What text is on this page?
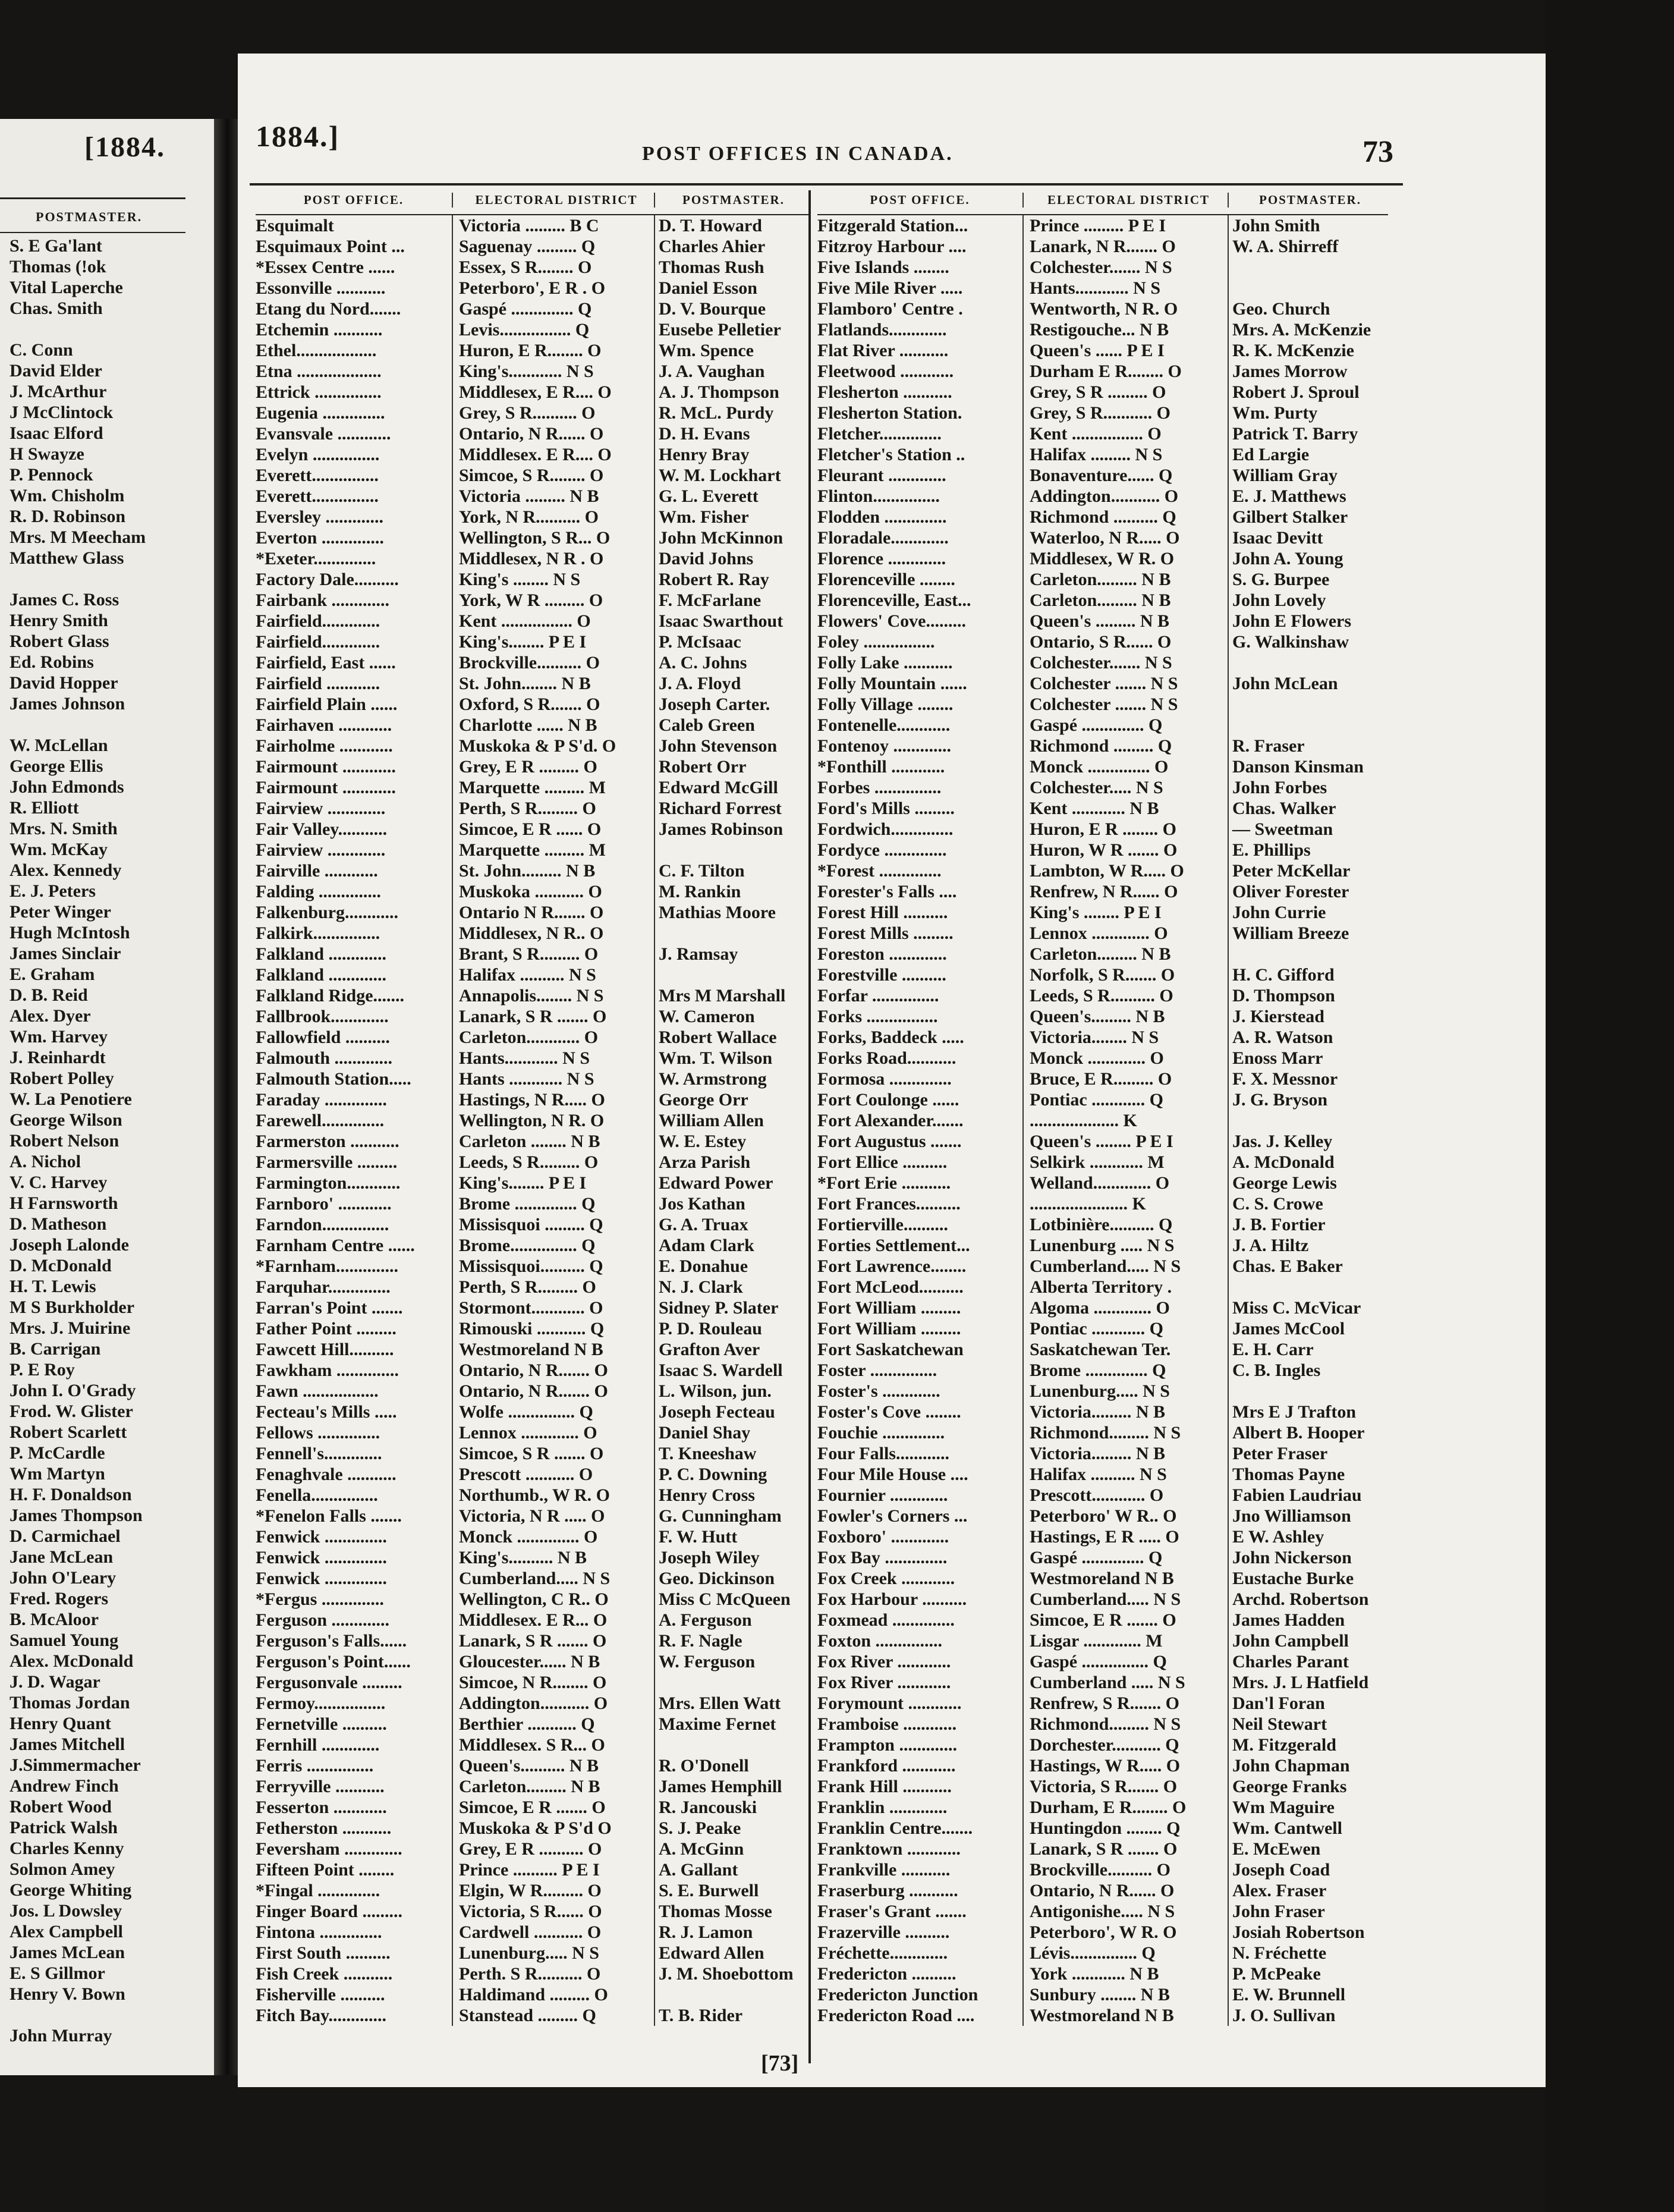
[1884.
POSTMASTER.
S. E Ga'lant
Thomas (!ok
Vital Laperche
Chas. Smith
C. Conn
David Elder
J. McArthur
J McClintock
Isaac Elford
H Swayze
P. Pennock
Wm. Chisholm
R. D. Robinson
Mrs. M Meecham
Matthew Glass
James C. Ross
Henry Smith
Robert Glass
Ed. Robins
David Hopper
James Johnson
W. McLellan
George Ellis
John Edmonds
R. Elliott
Mrs. N. Smith
Wm. McKay
Alex. Kennedy
E. J. Peters
Peter Winger
Hugh McIntosh
James Sinclair
E. Graham
D. B. Reid
Alex. Dyer
Wm. Harvey
J. Reinhardt
Robert Polley
W. La Penotiere
George Wilson
Robert Nelson
A. Nichol
V. C. Harvey
H Farnsworth
D. Matheson
Joseph Lalonde
D. McDonald
H. T. Lewis
M S Burkholder
Mrs. J. Muirine
B. Carrigan
P. E Roy
John I. O'Grady
Frod. W. Glister
Robert Scarlett
P. McCardle
Wm Martyn
H. F. Donaldson
James Thompson
D. Carmichael
Jane McLean
John O'Leary
Fred. Rogers
B. McAloor
Samuel Young
Alex. McDonald
J. D. Wagar
Thomas Jordan
Henry Quant
James Mitchell
J.Simmermacher
Andrew Finch
Robert Wood
Patrick Walsh
Charles Kenny
Solmon Amey
George Whiting
Jos. L Dowsley
Alex Campbell
James McLean
E. S Gillmor
Henry V. Bown
John Murray
1884.]
POST OFFICES IN CANADA.	73
POST OFFICE.	ELECTORAL DISTRICT	POSTMASTER.
Esquimalt	Victoria ......... B C	D. T. Howard
Esquimaux Point ...	Saguenay ......... Q	Charles Ahier
*Essex Centre ......	Essex, S R........ O	Thomas Rush
Essonville ...........	Peterboro', E R . O	Daniel Esson
Etang du Nord.......	Gaspé .............. Q	D. V. Bourque
Etchemin ...........	Levis................ Q	Eusebe Pelletier
Ethel..................	Huron, E R........ O	Wm. Spence
Etna ...................	King's............ N S	J. A. Vaughan
Ettrick ...............	Middlesex, E R.... O	A. J. Thompson
Eugenia ..............	Grey, S R.......... O	R. McL. Purdy
Evansvale ............	Ontario, N R...... O	D. H. Evans
Evelyn ...............	Middlesex. E R.... O	Henry Bray
Everett...............	Simcoe, S R........ O	W. M. Lockhart
Everett...............	Victoria ......... N B	G. L. Everett
Eversley .............	York, N R.......... O	Wm. Fisher
Everton ..............	Wellington, S R... O	John McKinnon
*Exeter..............	Middlesex, N R . O	David Johns
Factory Dale..........	King's ........ N S	Robert R. Ray
Fairbank .............	York, W R ......... O	F. McFarlane
Fairfield.............	Kent ................ O	Isaac Swarthout
Fairfield.............	King's........ P E I	P. McIsaac
Fairfield, East ......	Brockville.......... O	A. C. Johns
Fairfield ............	St. John........ N B	J. A. Floyd
Fairfield Plain ......	Oxford, S R....... O	Joseph Carter.
Fairhaven ............	Charlotte ...... N B	Caleb Green
Fairholme ............	Muskoka & P S'd. O	John Stevenson
Fairmount ............	Grey, E R ......... O	Robert Orr
Fairmount ............	Marquette ......... M	Edward McGill
Fairview .............	Perth, S R......... O	Richard Forrest
Fair Valley...........	Simcoe, E R ...... O	James Robinson
Fairview .............	Marquette ......... M
Fairville ............	St. John......... N B	C. F. Tilton
Falding ..............	Muskoka ........... O	M. Rankin
Falkenburg............	Ontario N R....... O	Mathias Moore
Falkirk...............	Middlesex, N R.. O
Falkland .............	Brant, S R......... O	J. Ramsay
Falkland .............	Halifax .......... N S
Falkland Ridge.......	Annapolis........ N S	Mrs M Marshall
Fallbrook.............	Lanark, S R ....... O	W. Cameron
Fallowfield ..........	Carleton............ O	Robert Wallace
Falmouth .............	Hants............ N S	Wm. T. Wilson
Falmouth Station.....	Hants ............ N S	W. Armstrong
Faraday ..............	Hastings, N R..... O	George Orr
Farewell..............	Wellington, N R. O	William Allen
Farmerston ...........	Carleton ........ N B	W. E. Estey
Farmersville .........	Leeds, S R......... O	Arza Parish
Farmington............	King's........ P E I	Edward Power
Farnboro' ............	Brome .............. Q	Jos Kathan
Farndon...............	Missisquoi ......... Q	G. A. Truax
Farnham Centre ......	Brome............... Q	Adam Clark
*Farnham..............	Missisquoi.......... Q	E. Donahue
Farquhar..............	Perth, S R......... O	N. J. Clark
Farran's Point .......	Stormont............ O	Sidney P. Slater
Father Point .........	Rimouski ........... Q	P. D. Rouleau
Fawcett Hill..........	Westmoreland N B	Grafton Aver
Fawkham ..............	Ontario, N R....... O	Isaac S. Wardell
Fawn .................	Ontario, N R....... O	L. Wilson, jun.
Fecteau's Mills .....	Wolfe ............... Q	Joseph Fecteau
Fellows ..............	Lennox ............. O	Daniel Shay
Fennell's.............	Simcoe, S R ....... O	T. Kneeshaw
Fenaghvale ...........	Prescott ........... O	P. C. Downing
Fenella...............	Northumb., W R. O	Henry Cross
*Fenelon Falls .......	Victoria, N R ..... O	G. Cunningham
Fenwick ..............	Monck .............. O	F. W. Hutt
Fenwick ..............	King's.......... N B	Joseph Wiley
Fenwick ..............	Cumberland..... N S	Geo. Dickinson
*Fergus ..............	Wellington, C R.. O	Miss C McQueen
Ferguson .............	Middlesex. E R... O	A. Ferguson
Ferguson's Falls......	Lanark, S R ....... O	R. F. Nagle
Ferguson's Point......	Gloucester...... N B	W. Ferguson
Fergusonvale .........	Simcoe, N R........ O
Fermoy................	Addington........... O	Mrs. Ellen Watt
Fernetville ..........	Berthier ........... Q	Maxime Fernet
Fernhill .............	Middlesex. S R... O
Ferris ...............	Queen's.......... N B	R. O'Donell
Ferryville ...........	Carleton......... N B	James Hemphill
Fesserton ............	Simcoe, E R ....... O	R. Jancouski
Fetherston ...........	Muskoka & P S'd O	S. J. Peake
Feversham .............	Grey, E R .......... O	A. McGinn
Fifteen Point ........	Prince .......... P E I	A. Gallant
*Fingal ..............	Elgin, W R......... O	S. E. Burwell
Finger Board .........	Victoria, S R...... O	Thomas Mosse
Fintona ..............	Cardwell ........... O	R. J. Lamon
First South ..........	Lunenburg..... N S	Edward Allen
Fish Creek ...........	Perth. S R.......... O	J. M. Shoebottom
Fisherville ..........	Haldimand ......... O
Fitch Bay.............	Stanstead ......... Q	T. B. Rider
POST OFFICE.	ELECTORAL DISTRICT	POSTMASTER.
Fitzgerald Station...	Prince ......... P E I	John Smith
Fitzroy Harbour ....	Lanark, N R....... O	W. A. Shirreff
Five Islands ........	Colchester....... N S
Five Mile River .....	Hants............ N S
Flamboro' Centre .	Wentworth, N R. O	Geo. Church
Flatlands.............	Restigouche... N B	Mrs. A. McKenzie
Flat River ...........	Queen's ...... P E I	R. K. McKenzie
Fleetwood ............	Durham E R........ O	James Morrow
Flesherton ...........	Grey, S R ......... O	Robert J. Sproul
Flesherton Station.	Grey, S R........... O	Wm. Purty
Fletcher..............	Kent ................ O	Patrick T. Barry
Fletcher's Station ..	Halifax ......... N S	Ed Largie
Fleurant .............	Bonaventure...... Q	William Gray
Flinton...............	Addington........... O	E. J. Matthews
Flodden ..............	Richmond .......... Q	Gilbert Stalker
Floradale.............	Waterloo, N R..... O	Isaac Devitt
Florence .............	Middlesex, W R. O	John A. Young
Florenceville ........	Carleton......... N B	S. G. Burpee
Florenceville, East...	Carleton......... N B	John Lovely
Flowers' Cove.........	Queen's ......... N B	John E Flowers
Foley ................	Ontario, S R...... O	G. Walkinshaw
Folly Lake ...........	Colchester....... N S
Folly Mountain ......	Colchester ....... N S	John McLean
Folly Village ........	Colchester ....... N S
Fontenelle............	Gaspé .............. Q
Fontenoy .............	Richmond ......... Q	R. Fraser
*Fonthill ............	Monck .............. O	Danson Kinsman
Forbes ...............	Colchester..... N S	John Forbes
Ford's Mills .........	Kent ............ N B	Chas. Walker
Fordwich..............	Huron, E R ........ O	— Sweetman
Fordyce ..............	Huron, W R ....... O	E. Phillips
*Forest ..............	Lambton, W R..... O	Peter McKellar
Forester's Falls ....	Renfrew, N R...... O	Oliver Forester
Forest Hill ..........	King's ........ P E I	John Currie
Forest Mills .........	Lennox ............. O	William Breeze
Foreston .............	Carleton......... N B
Forestville ..........	Norfolk, S R....... O	H. C. Gifford
Forfar ...............	Leeds, S R.......... O	D. Thompson
Forks ................	Queen's......... N B	J. Kierstead
Forks, Baddeck .....	Victoria........ N S	A. R. Watson
Forks Road...........	Monck ............. O	Enoss Marr
Formosa ..............	Bruce, E R......... O	F. X. Messnor
Fort Coulonge ......	Pontiac ............ Q	J. G. Bryson
Fort Alexander.......	.................... K
Fort Augustus .......	Queen's ........ P E I	Jas. J. Kelley
Fort Ellice ..........	Selkirk ............ M	A. McDonald
*Fort Erie ...........	Welland............. O	George Lewis
Fort Frances..........	...................... K	C. S. Crowe
Fortierville..........	Lotbinière.......... Q	J. B. Fortier
Forties Settlement...	Lunenburg ..... N S	J. A. Hiltz
Fort Lawrence........	Cumberland..... N S	Chas. E Baker
Fort McLeod..........	Alberta Territory .
Fort William .........	Algoma ............. O	Miss C. McVicar
Fort William .........	Pontiac ............ Q	James McCool
Fort Saskatchewan	Saskatchewan Ter.	E. H. Carr
Foster ...............	Brome .............. Q	C. B. Ingles
Foster's .............	Lunenburg..... N S
Foster's Cove ........	Victoria......... N B	Mrs E J Trafton
Fouchie ..............	Richmond......... N S	Albert B. Hooper
Four Falls............	Victoria......... N B	Peter Fraser
Four Mile House ....	Halifax .......... N S	Thomas Payne
Fournier .............	Prescott............ O	Fabien Laudriau
Fowler's Corners ...	Peterboro' W R.. O	Jno Williamson
Foxboro' .............	Hastings, E R ..... O	E W. Ashley
Fox Bay ..............	Gaspé .............. Q	John Nickerson
Fox Creek ............	Westmoreland N B	Eustache Burke
Fox Harbour ..........	Cumberland..... N S	Archd. Robertson
Foxmead ..............	Simcoe, E R ....... O	James Hadden
Foxton ...............	Lisgar ............. M	John Campbell
Fox River ............	Gaspé ............... Q	Charles Parant
Fox River ............	Cumberland ..... N S	Mrs. J. L Hatfield
Forymount ............	Renfrew, S R....... O	Dan'l Foran
Framboise ............	Richmond......... N S	Neil Stewart
Frampton .............	Dorchester........... Q	M. Fitzgerald
Frankford ............	Hastings, W R..... O	John Chapman
Frank Hill ...........	Victoria, S R....... O	George Franks
Franklin .............	Durham, E R........ O	Wm Maguire
Franklin Centre.......	Huntingdon ........ Q	Wm. Cantwell
Franktown ............	Lanark, S R ....... O	E. McEwen
Frankville ...........	Brockville.......... O	Joseph Coad
Fraserburg ...........	Ontario, N R...... O	Alex. Fraser
Fraser's Grant .......	Antigonishe..... N S	John Fraser
Frazerville ..........	Peterboro', W R. O	Josiah Robertson
Fréchette.............	Lévis............... Q	N. Fréchette
Fredericton ..........	York ............ N B	P. McPeake
Fredericton Junction	Sunbury ........ N B	E. W. Brunnell
Fredericton Road ....	Westmoreland N B	J. O. Sullivan
[73]
